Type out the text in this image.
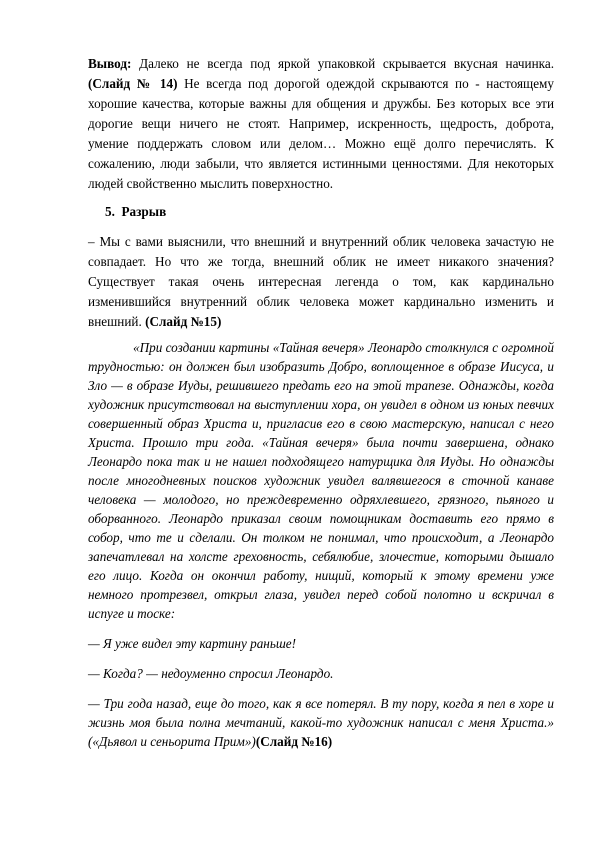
Вывод: Далеко не всегда под яркой упаковкой скрывается вкусная начинка. (Слайд № 14) Не всегда под дорогой одеждой скрываются по - настоящему хорошие качества, которые важны для общения и дружбы. Без которых все эти дорогие вещи ничего не стоят. Например, искренность, щедрость, доброта, умение поддержать словом или делом… Можно ещё долго перечислять. К сожалению, люди забыли, что является истинными ценностями. Для некоторых людей свойственно мыслить поверхностно.

5. Разрыв

– Мы с вами выяснили, что внешний и внутренний облик человека зачастую не совпадает. Но что же тогда, внешний облик не имеет никакого значения? Существует такая очень интересная легенда о том, как кардинально изменившийся внутренний облик человека может кардинально изменить и внешний. (Слайд №15)

«При создании картины «Тайная вечеря» Леонардо столкнулся с огромной трудностью: он должен был изобразить Добро, воплощенное в образе Иисуса, и Зло — в образе Иуды, решившего предать его на этой трапезе. Однажды, когда художник присутствовал на выступлении хора, он увидел в одном из юных певчих совершенный образ Христа и, пригласив его в свою мастерскую, написал с него Христа. Прошло три года. «Тайная вечеря» была почти завершена, однако Леонардо пока так и не нашел подходящего натурщика для Иуды. Но однажды после многодневных поисков художник увидел валявшегося в сточной канаве человека — молодого, но преждевременно одряхлевшего, грязного, пьяного и оборванного. Леонардо приказал своим помощникам доставить его прямо в собор, что те и сделали. Он толком не понимал, что происходит, а Леонардо запечатлевал на холсте греховность, себялюбие, злочестие, которыми дышало его лицо. Когда он окончил работу, нищий, который к этому времени уже немного протрезвел, открыл глаза, увидел перед собой полотно и вскричал в испуге и тоске:

— Я уже видел эту картину раньше!

— Когда? — недоуменно спросил Леонардо.

— Три года назад, еще до того, как я все потерял. В ту пору, когда я пел в хоре и жизнь моя была полна мечтаний, какой-то художник написал с меня Христа.» («Дьявол и сеньорита Прим»)(Слайд №16)
